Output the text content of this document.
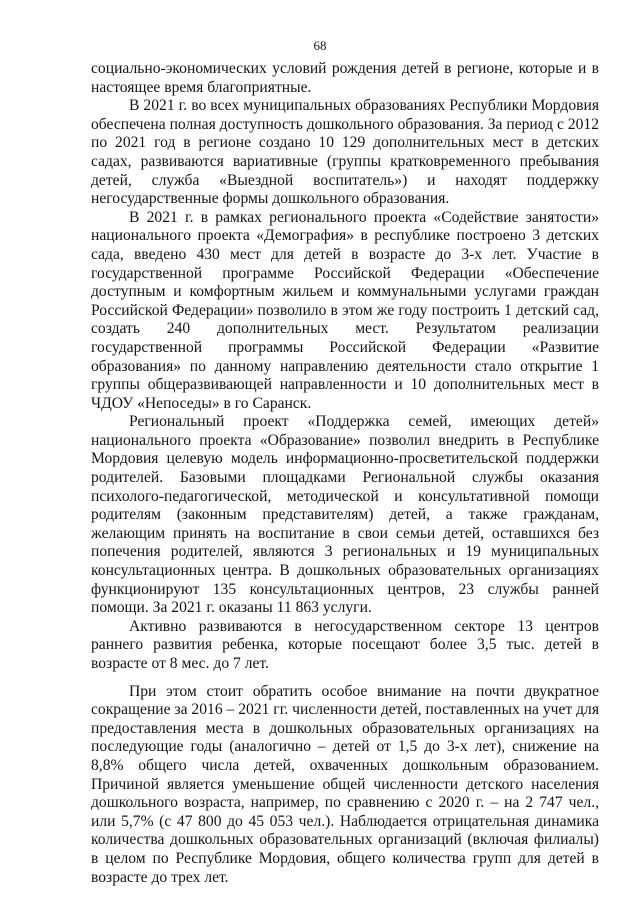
68

социально-экономических условий рождения детей в регионе, которые и в настоящее время благоприятные.

В 2021 г. во всех муниципальных образованиях Республики Мордовия обеспечена полная доступность дошкольного образования. За период с 2012 по 2021 год в регионе создано 10 129 дополнительных мест в детских садах, развиваются вариативные (группы кратковременного пребывания детей, служба «Выездной воспитатель») и находят поддержку негосударственные формы дошкольного образования.

В 2021 г. в рамках регионального проекта «Содействие занятости» национального проекта «Демография» в республике построено 3 детских сада, введено 430 мест для детей в возрасте до 3-х лет. Участие в государственной программе Российской Федерации «Обеспечение доступным и комфортным жильем и коммунальными услугами граждан Российской Федерации» позволило в этом же году построить 1 детский сад, создать 240 дополнительных мест. Результатом реализации государственной программы Российской Федерации «Развитие образования» по данному направлению деятельности стало открытие 1 группы общеразвивающей направленности и 10 дополнительных мест в ЧДОУ «Непоседы» в го Саранск.

Региональный проект «Поддержка семей, имеющих детей» национального проекта «Образование» позволил внедрить в Республике Мордовия целевую модель информационно-просветительской поддержки родителей. Базовыми площадками Региональной службы оказания психолого-педагогической, методической и консультативной помощи родителям (законным представителям) детей, а также гражданам, желающим принять на воспитание в свои семьи детей, оставшихся без попечения родителей, являются 3 региональных и 19 муниципальных консультационных центра. В дошкольных образовательных организациях функционируют 135 консультационных центров, 23 службы ранней помощи. За 2021 г. оказаны 11 863 услуги.

Активно развиваются в негосударственном секторе 13 центров раннего развития ребенка, которые посещают более 3,5 тыс. детей в возрасте от 8 мес. до 7 лет.

При этом стоит обратить особое внимание на почти двукратное сокращение за 2016 – 2021 гг. численности детей, поставленных на учет для предоставления места в дошкольных образовательных организациях на последующие годы (аналогично – детей от 1,5 до 3-х лет), снижение на 8,8% общего числа детей, охваченных дошкольным образованием. Причиной является уменьшение общей численности детского населения дошкольного возраста, например, по сравнению с 2020 г. – на 2 747 чел., или 5,7% (с 47 800 до 45 053 чел.). Наблюдается отрицательная динамика количества дошкольных образовательных организаций (включая филиалы) в целом по Республике Мордовия, общего количества групп для детей в возрасте до трех лет.
